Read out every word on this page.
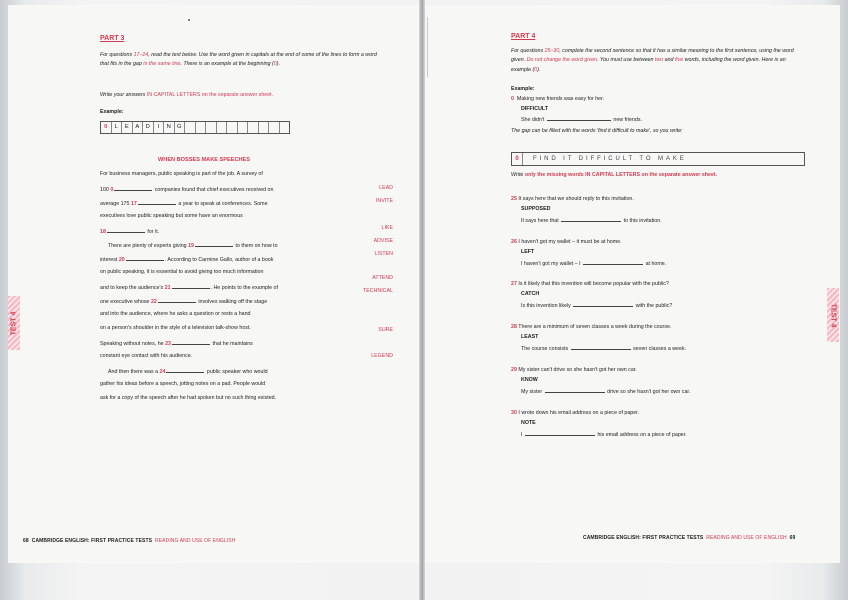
PART 3
For questions 17–24, read the text below. Use the word given in capitals at the end of some of the lines to form a word that fits in the gap in the same line. There is an example at the beginning (0).
Write your answers IN CAPITAL LETTERS on the separate answer sheet.
Example:
0	L	E	A	D	I	N	G
WHEN BOSSES MAKE SPEECHES
For business managers, public speaking is part of the job. A survey of
100 0	companies found that chief executives received on
average 175 17	a year to speak at conferences. Some
executives love public speaking but some have an enormous
18	for it.
There are plenty of experts giving 19	to them on how to
interest 20	. According to Carmine Gallo, author of a book
on public speaking, it is essential to avoid giving too much information
and to keep the audience's 21	. He points to the example of
one executive whose 22	involves walking off the stage
and into the audience, where he asks a question or rests a hand
on a person's shoulder in the style of a television talk-show host.
Speaking without notes, he 23	that he maintains
constant eye contact with his audience.
And then there was a 24	public speaker who would
gather his ideas before a speech, jotting notes on a pad. People would
ask for a copy of the speech after he had spoken but no such thing existed.
LEAD
INVITE
LIKE
ADVISE
LISTEN
ATTEND
TECHNICAL
SURE
LEGEND
TEST 4
68 CAMBRIDGE ENGLISH: FIRST PRACTICE TESTS READING AND USE OF ENGLISH
PART 4
For questions 25–30, complete the second sentence so that it has a similar meaning to the first sentence, using the word given. Do not change the word given. You must use between two and five words, including the word given. Here is an example (0).
Example:
0 Making new friends was easy for her.
DIFFICULT
She didn't	new friends.
The gap can be filled with the words 'find it difficult to make', so you write:
0	FIND IT DIFFICULT TO MAKE
Write only the missing words IN CAPITAL LETTERS on the separate answer sheet.
25 It says here that we should reply to this invitation.
SUPPOSED
It says here that	to this invitation.
26 I haven't got my wallet – it must be at home.
LEFT
I haven't got my wallet – I	at home.
27 Is it likely that this invention will become popular with the public?
CATCH
Is this invention likely	with the public?
28 There are a minimum of seven classes a week during the course.
LEAST
The course consists	seven classes a week.
29 My sister can't drive so she hasn't got her own car.
KNOW
My sister	drive so she hasn't got her own car.
30 I wrote down his email address on a piece of paper.
NOTE
I	his email address on a piece of paper.
TEST 4
CAMBRIDGE ENGLISH: FIRST PRACTICE TESTS READING AND USE OF ENGLISH 69
